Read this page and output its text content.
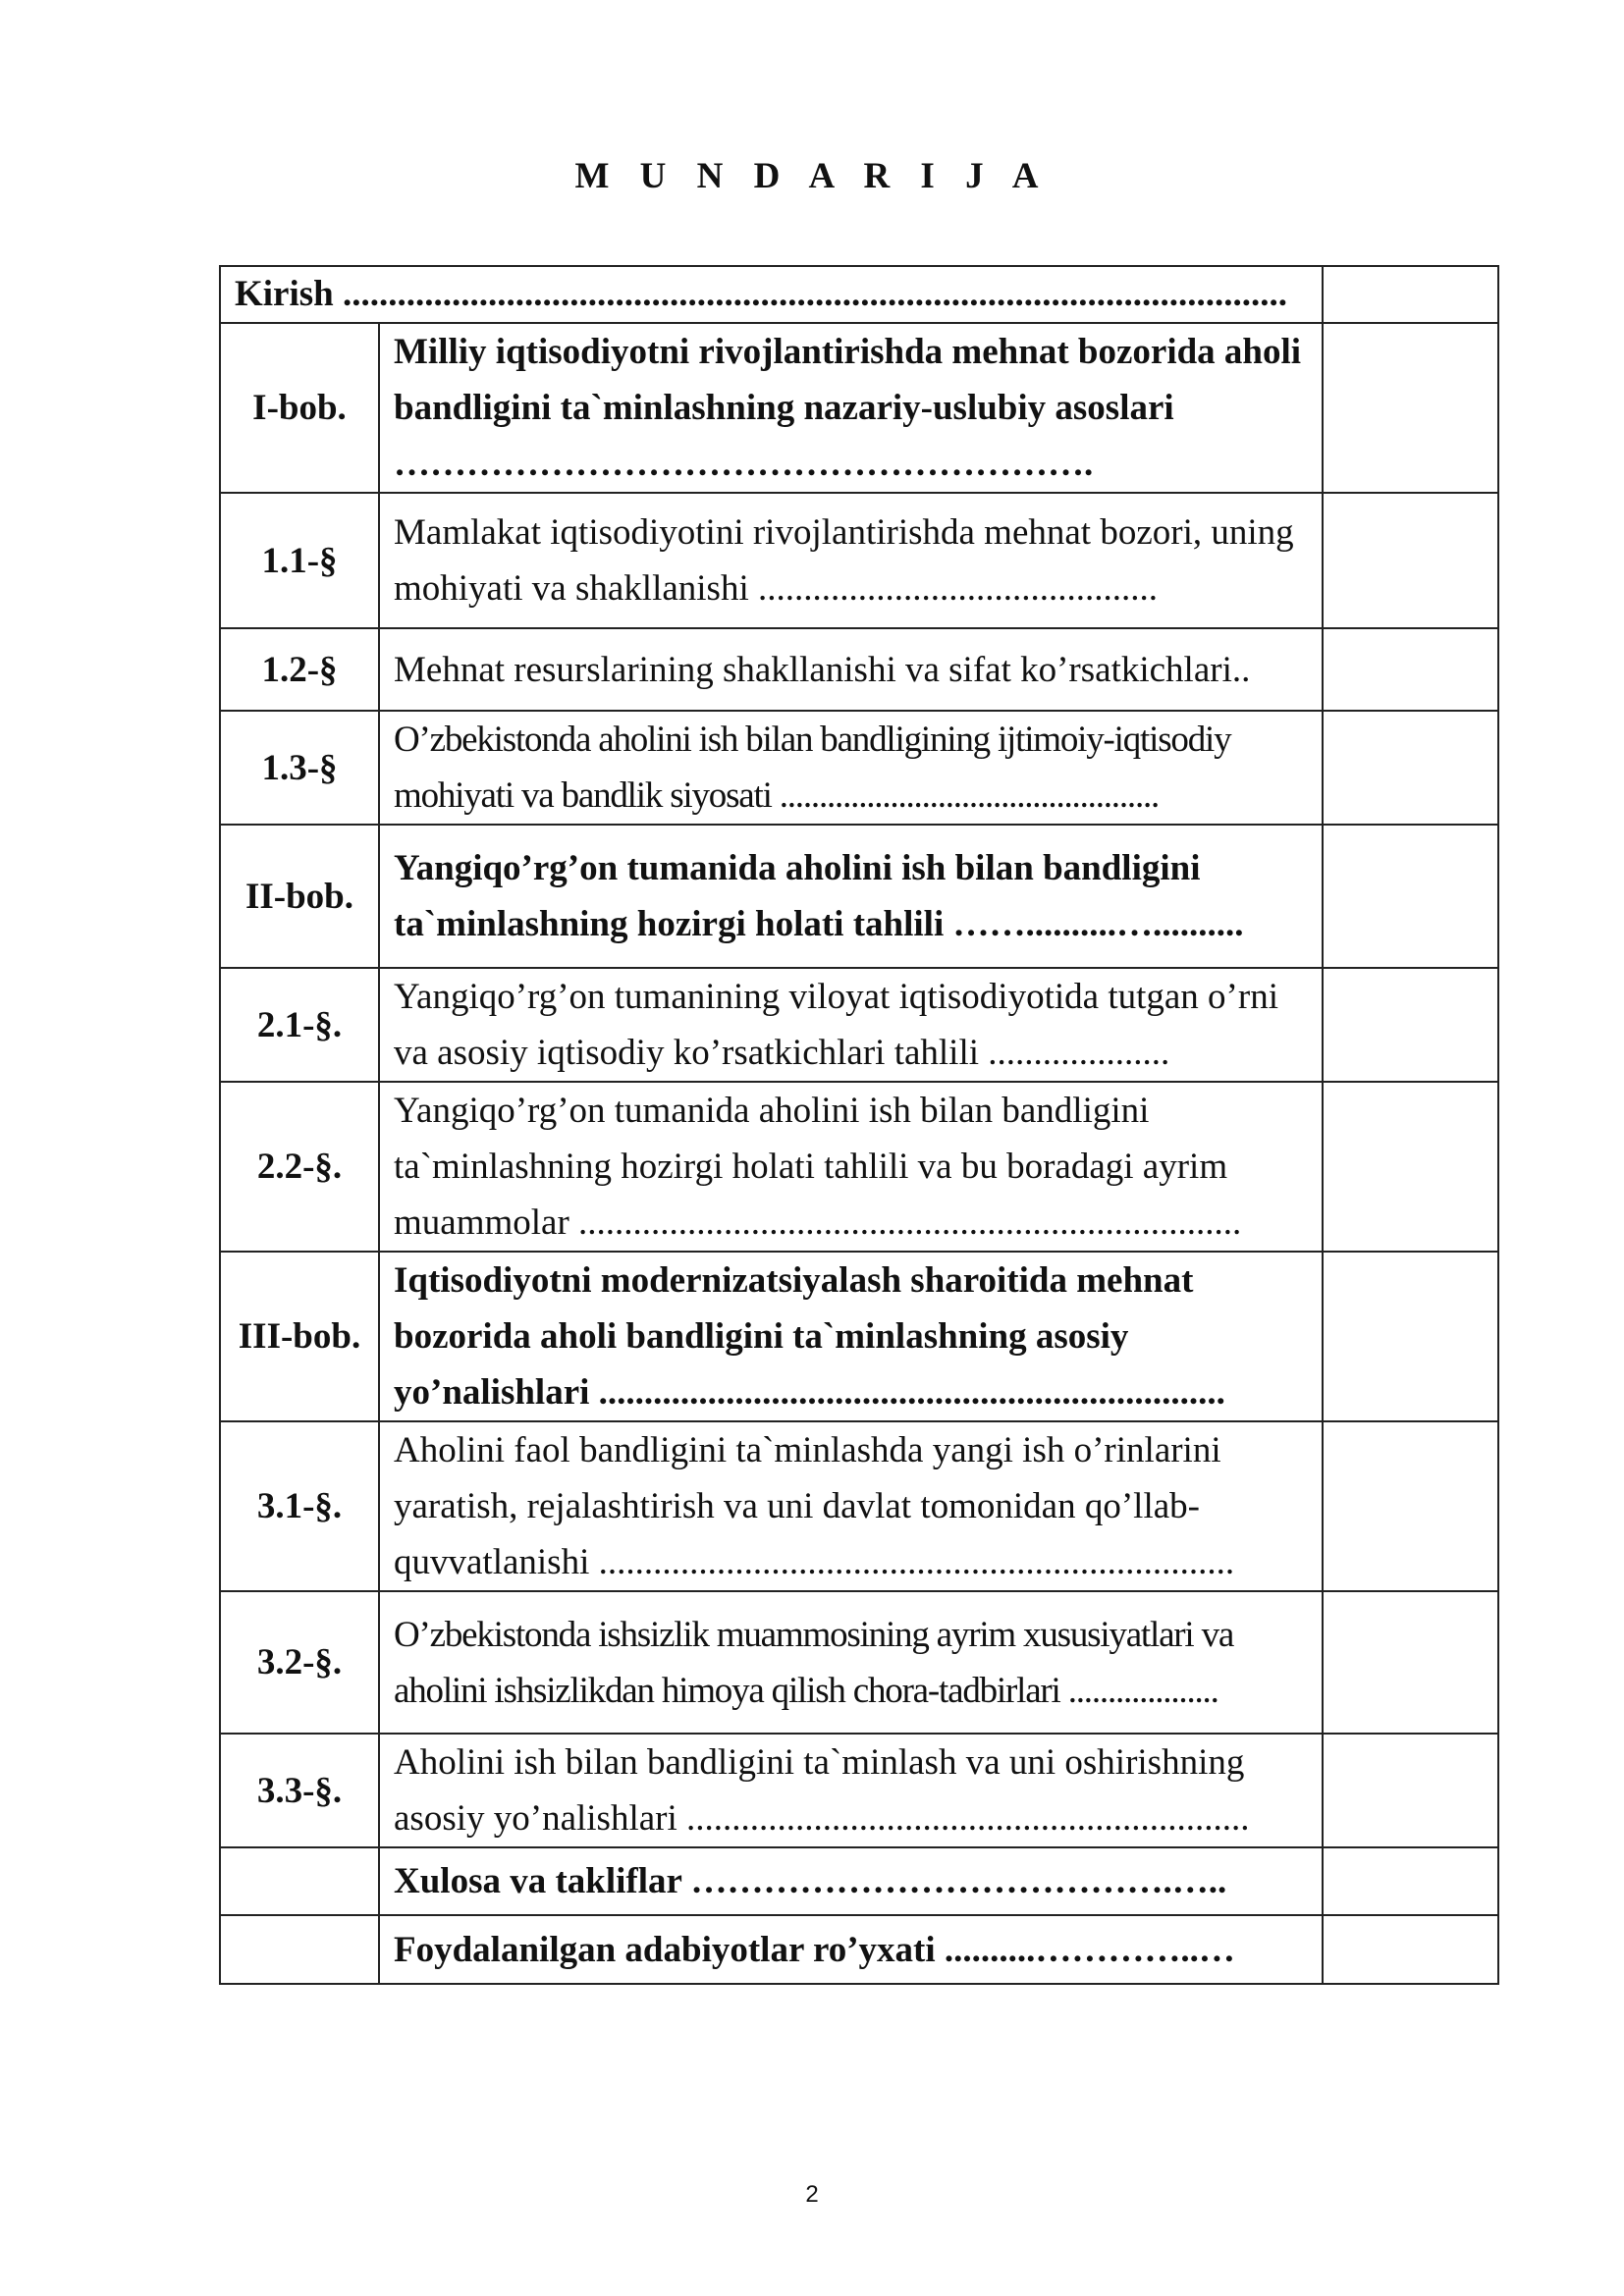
M U N D A R I J A
Kirish ........................................................................................................		
I-bob.	Milliy iqtisodiyotni rivojlantirishda mehnat bozorida aholi bandligini ta`minlashning nazariy-uslubiy asoslari ………………………………………………….	
1.1-§	Mamlakat iqtisodiyotini rivojlantirishda mehnat bozori, uning mohiyati va shakllanishi ............................................	
1.2-§	Mehnat resurslarining shakllanishi va sifat ko’rsatkichlari..	
1.3-§	O’zbekistonda aholini ish bilan bandligining ijtimoiy-iqtisodiy mohiyati va bandlik siyosati ................................................	
II-bob.	Yangiqo’rg’on tumanida aholini ish bilan bandligini ta`minlashning hozirgi holati tahlili ……..........…..........	
2.1-§.	Yangiqo’rg’on tumanining viloyat iqtisodiyotida tutgan o’rni va asosiy iqtisodiy ko’rsatkichlari tahlili ....................	
2.2-§.	Yangiqo’rg’on tumanida aholini ish bilan bandligini ta`minlashning hozirgi holati tahlili va bu boradagi ayrim muammolar .........................................................................	
III-bob.	Iqtisodiyotni modernizatsiyalash sharoitida mehnat bozorida aholi bandligini ta`minlashning asosiy yo’nalishlari .....................................................................	
3.1-§.	Aholini faol bandligini ta`minlashda yangi ish o’rinlarini yaratish, rejalashtirish va uni davlat tomonidan qo’llab-quvvatlanishi ......................................................................	
3.2-§.	O’zbekistonda ishsizlik muammosining ayrim xususiyatlari va aholini ishsizlikdan himoya qilish chora-tadbirlari ...................	
3.3-§.	Aholini ish bilan bandligini ta`minlash va uni oshirishning asosiy yo’nalishlari ..............................................................	
	Xulosa va takliflar ………………………………….…..	
	Foydalanilgan adabiyotlar ro’yxati ..........…………..…	
2
